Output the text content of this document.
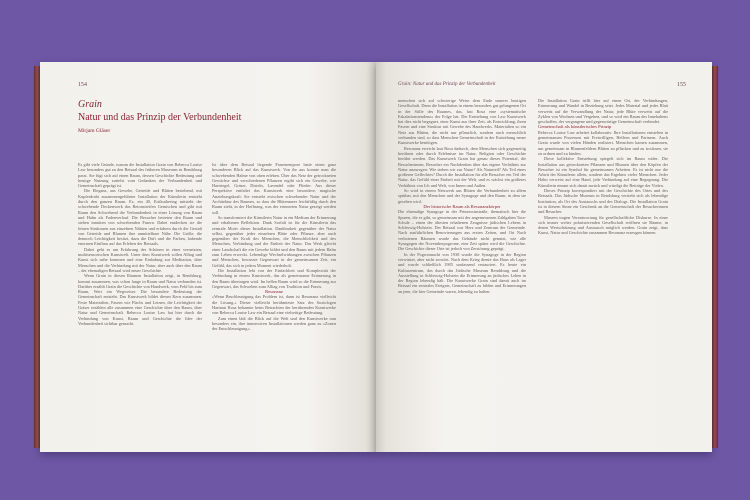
154
Grain
Natur und das Prinzip der Verbundenheit
Mirjam Gläser

Es gibt viele Gründe, warum die Installation Grain von Rebecca Louise Law besonders gut zu den Betsaal des früheren Museums in Rendsburg passt. Sie fügt sich auf einen Raum, dessen Geschichte Bedeutung und heutige Nutzung zutiefst vom Gedanken der Verbundenheit und Gemeinschaft geprägt ist.

Die Eleganz, aus Gewebe, Getreide und Blüten bestehend, mit Kupferdraht zusammengeführter Installation der Künstlerin entsteht durch den ganzen Raum. Es, ein 40, Ertikuthering mitsieht der schwebende Deckenwerk das Betonstreifen Gemischen und gibt mit Raum den Schwebend die Verbundenheit in einer Lösung von Raum und Halm als Fadenverlauf. Die Besucher betreten den Raum und stehen inmitten von schwebenden Fasern. Dabei entdecken sie die feinen Strukturen aus einzelnen Nähten und erfahren durch die Gestalt von Getreide und Blumen ihre unmittelbare Nähe. Die Größe, die dennoch Leichtigkeit besitzt, dazu die Duft und die Farben, habende enormen Einfluss auf das Erleben der Betsaals.

Dabei geht es um Erfahrung des Schönen in einer vernetzten, multisensorischen Kunstwelt. Unter dem Kunstwerk sollen Alltag und Kunst sich nahe kommen und eine Einladung zur Meditation, über Menschen und die Verbindung mit der Natur, aber auch über den Raum – der ehemaligen Betsaal wird neuer Geschichte.

Wenn Grain in diesen Räumen Installation zeigt, in Rendsburg, kommt zusammen, was schon lange in Raum und Natur verbunden ist. Darüber erzählt Grain die Geschichte von Handwerk, vom Feld bis zum Raum, Wert ein Wegweiser. Die besondere Bedeutung der Gemeinschaft entsteht. Das Kunstwerk bildet diesen Kern zusammen. Feste Materialien, Fasern wie Flachs und Leinen, die Leichtigkeit der Gräser erzählen alle zusammen eine Geschichte über den Raum, über Natur und Gemeinschaft. Rebecca Louise Law hat hier durch die Verbindung von Kunst, Raum und Geschichte die Idee der Verbundenheit sichtbar gemacht.

Ist über dem Betsaal liegende Frauenempore hatte einen ganz besonderen Blick auf das Kunstwerk. Von ihr aus konnte man die schwebenden Halme von oben erleben. Über das Netz der getrockneten Gewächse und verschiedenen Pflanzen ergibt sich ein Gewebe, wie Hartriegel, Gräser, Disteln, Lavendel oder Flieder. Aus dieser Perspektive entfaltet das Kunstwerk eine besondere, magische Anziehungskraft: Sie entsteht zwischen schwebender Natur und der Architektur des Raumes, so dass die Blütenmeer leichtfüßig durch den Raum zieht, in der Hoffnung, was der erinnerten Natur gezeigt werden soll.

So transformiert die Künstlerin Natur in ein Medium der Erinnerung und erhaltenen Reflektion. Dank Sorfalt ist für die Künstlerin das zentrale Motiv dieser Installation. Dankbarkeit gegenüber der Natur selbst, gegenüber jeder einzelnen Blüte oder Pflanze, aber auch gegenüber der Kraft des Menschen, die Menschlichkeit und des Menschen, Verbindung und der Einheit der Natur. Das Werk gleicht einer Landschaft die ein Gewebe bildet und den Raum mit jedem Halm zum Leben erweckt. Lebendige Wechselwirkungen zwischen Pflanzen und Menschen, bewusste Gegenwart in der gemeinsamen Zeit, ein Gefühl, das sich in jedem Moment wiederholt.

Die Installation lebt von der Einfachheit und Komplexität der Verbindung in einem Kunstwerk, das als gemeinsame Erinnerung in den Raum übertragen wird. Im hellen Raum wird so die Erinnerung zur Gegenwart, das Schweben zum Alltag von Tradition und Praxis.

Resonanz

»Wenn Beschleunigung das Problem ist, dann ist Resonanz vielleicht die Lösung.« Dieser vielleicht berühmteste Satz des Soziologen Hartmut Rosa bekannte beim Betrachten der berührenden Kunstwerke von Rebecca Louise Law ein Betsaal eine vielseitige Bedeutung.

Zum einen lädt die Blick auf die Welt und den Kunstwerke nun besonders ein, ihre immersiven Installationen werden ganz zu »Zonen der Entschleunigung«.

Grain: Natur und das Prinzip der Verbundenheit	155

menschen sich auf schwierige Weise dem Ende unserer heutigen Gesellschaft. Denn die Installation in einem besonders gut gelungenen Ort in der Stille des Raumes, das, fast Rosa eine »systematische Eskalationstendenz« der Folge hat. Die Entstehung von Law Kunstwerk hat dies nicht begegnet, einer Kunst aus ihrer Zeit, als Entwicklung, ihren Fasern und eine Struktur mit Gewebe des Handwerks. Materialien so ein Netz aus Blüten, die nicht nur pflanzlich, sondern auch menschlich verbunden sind, so dass Menschen Gemeinschaft in der Entstehung neuer Kunstwerke benötigen.

Resonanz erreicht laut Rosa dadurch, dem Menschen sich gegenseitig berühren oder durch Erlebnisse im Natur, Religion oder Geschichte berührt werden. Das Kunstwerk Grain hat genau dieses Potential, die Besucherinnen, Besucher ein Nachdenken über das eigene Verhältnis zur Natur anzuregen: Wie stehen wir zur Natur? Als Naturteil? Als Teil eines größeren Geflechtes? Durch die Installation für alle Besucher ein Teil der Natur, das Gefühl einer Einheit mit der Welt, und es wächst ein größeres Verhältnis von Ich und Welt, von Innen und Außen.

So wird in einem Netzwerk aus Blüten die Verbundenheit zu allem spürbar, mit den Menschen und der Synagoge und den Raum, in dem sie gesehen wird.

Der historische Raum als Resonanzkörper

Die ehemalige Synagoge in der Prinzessinstraße, thematisch hier die Spuren, die es gibt, so gemeinsam mit der angemessenen Zahlgaben Tora-Schule – einen der ältesten erhaltenen Zeugnisse jüdischen Lebens in Schleswig-Holstein. Der Betsaal war Herz und Zentrum der Gemeinde. Nach ausführlichen Renovierungen aus ersten Zeiten, und Ort Nach verbotenen Räumen wurde das Gebäude nicht genutzt, wie alle Synagogen der Novemberpogrome, eine Zeit später wird die Geschichte. Die Geschichte dieser Orte ist jedoch von Zerstörung geprägt.

In der Pogromnacht von 1938 wurde die Synagoge in der Region verwüstet, aber nicht zerstört. Nach dem Krieg diente das Haus als Lager und wurde schließlich 1985 umfassend restauriert. Es heute ein Kulturzentrum, das durch das Jüdische Museum Rendsburg und die Ausstellung in Schleswig-Holstein die Erinnerung an jüdisches Leben in der Region lebendig hält. Die Kunstwerke Grain sind damit auch im Betsaal ein zentrales Ereignis, Gemeinschaft zu bilden und Erinnerungen an jene, die hier Gemeinde waren, lebendig zu halten.

Die Installation Grain trifft hier auf einen Ort, der Verbindungen, Erinnerung und Wandel in Beziehung setzt. Jedes Material und jedes Blatt verweist auf die Verwandlung der Natur, jede Blüte verweist auf die Zyklen von Wachsen und Vergehen, und so wird ein Raum des Innehaltens geschaffen, der vergangene und gegenwärtige Gemeinschaft verbindet.

Gemeinschaft als künstlerisches Prinzip

Rebecca Louise Law arbeitet kollaborativ. Ihre Installationen entstehen in gemeinsamen Prozessen mit Freiwilligen, Helfern und Partnern. Auch Grain wurde von vielen Händen realisiert. Menschen kamen zusammen, um gemeinsam in Blumenfeldern Blüten zu pflücken und zu trocknen, sie zu ordnen und zu binden.

Diese kollektive Entstehung spiegelt sich im Raum wider. Die Installation aus getrockneten Pflanzen und Blumen über den Köpfen der Besucher ist ein Symbol für gemeinsames Arbeiten. Es ist nicht nur die Arbeit der Künstlerin allein, sondern das Ergebnis vieler Menschen. Jeder Halm verweist auf eine Hand, jede Verbindung auf eine Begegnung. Die Künstlerin nimmt sich damit zurück und würdigt die Beiträge der Vielen.

Dieses Prinzip korrespondiert mit der Geschichte des Ortes und des Betsaals. Das Jüdische Museum in Rendsburg versteht sich als lebendige Institution, als Ort des Austauschs und des Dialogs. Die Installation Grain ist in diesem Sinne ein Geschenk an die Gemeinschaft der Besucherinnen und Besucher.

Museen tragen Verantwortung für gesellschaftliche Diskurse. In einer sich immer weiter polarisierenden Gesellschaft eröffnen sie Räume, in denen Wertschätzung und Austausch möglich werden. Grain zeigt, dass Kunst, Natur und Geschichte zusammen Resonanz erzeugen können.
